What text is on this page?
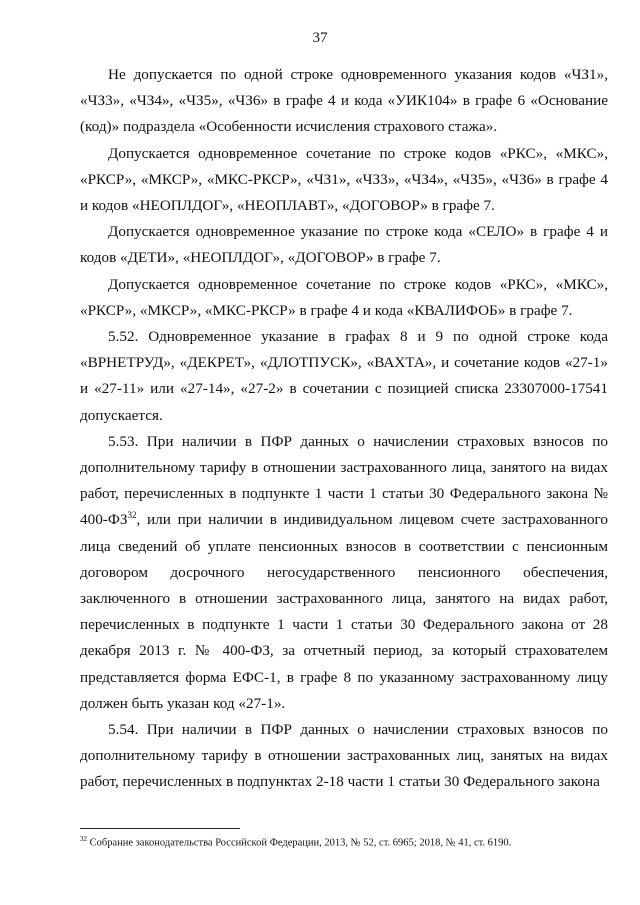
37

Не допускается по одной строке одновременного указания кодов «ЧЗ1», «ЧЗ3», «ЧЗ4», «ЧЗ5», «ЧЗ6» в графе 4 и кода «УИК104» в графе 6 «Основание (код)» подраздела «Особенности исчисления страхового стажа».

Допускается одновременное сочетание по строке кодов «РКС», «МКС», «РКСР», «МКСР», «МКС-РКСР», «ЧЗ1», «ЧЗ3», «ЧЗ4», «ЧЗ5», «ЧЗ6» в графе 4 и кодов «НЕОПЛДОГ», «НЕОПЛАВТ», «ДОГОВОР» в графе 7.

Допускается одновременное указание по строке кода «СЕЛО» в графе 4 и кодов «ДЕТИ», «НЕОПЛДОГ», «ДОГОВОР» в графе 7.

Допускается одновременное сочетание по строке кодов «РКС», «МКС», «РКСР», «МКСР», «МКС-РКСР» в графе 4 и кода «КВАЛИФОБ» в графе 7.

5.52. Одновременное указание в графах 8 и 9 по одной строке кода «ВРНЕТРУД», «ДЕКРЕТ», «ДЛОТПУСК», «ВАХТА», и сочетание кодов «27-1» и «27-11» или «27-14», «27-2» в сочетании с позицией списка 23307000-17541 допускается.

5.53. При наличии в ПФР данных о начислении страховых взносов по дополнительному тарифу в отношении застрахованного лица, занятого на видах работ, перечисленных в подпункте 1 части 1 статьи 30 Федерального закона № 400-ФЗ$^{32}$, или при наличии в индивидуальном лицевом счете застрахованного лица сведений об уплате пенсионных взносов в соответствии с пенсионным договором досрочного негосударственного пенсионного обеспечения, заключенного в отношении застрахованного лица, занятого на видах работ, перечисленных в подпункте 1 части 1 статьи 30 Федерального закона от 28 декабря 2013 г. № 400-ФЗ, за отчетный период, за который страхователем представляется форма ЕФС-1, в графе 8 по указанному застрахованному лицу должен быть указан код «27-1».

5.54. При наличии в ПФР данных о начислении страховых взносов по дополнительному тарифу в отношении застрахованных лиц, занятых на видах работ, перечисленных в подпунктах 2-18 части 1 статьи 30 Федерального закона

$^{32}$ Собрание законодательства Российской Федерации, 2013, № 52, ст. 6965; 2018, № 41, ст. 6190.
